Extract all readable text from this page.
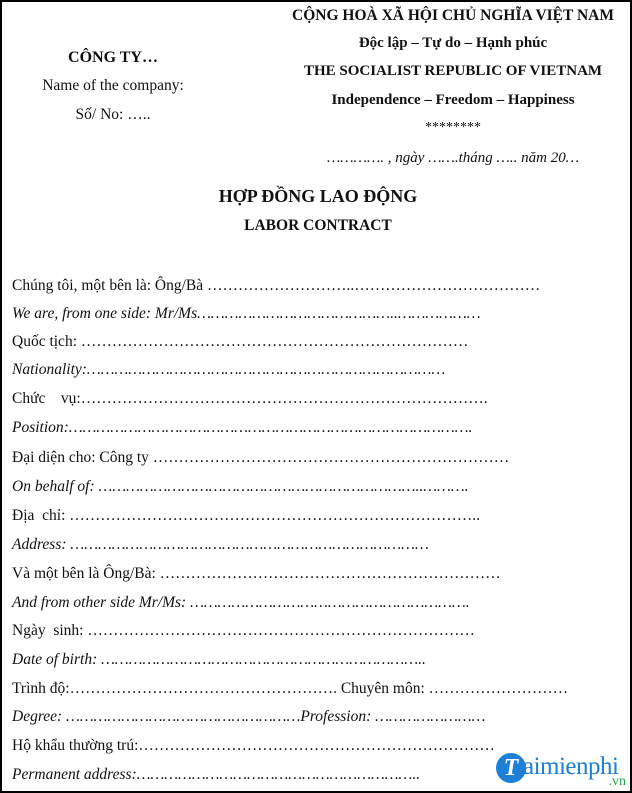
CÔNG TY…
Name of the company:
Số/ No: …..
CỘNG HOÀ XÃ HỘI CHỦ NGHĨA VIỆT NAM
Độc lập – Tự do – Hạnh phúc
THE SOCIALIST REPUBLIC OF VIETNAM
Independence – Freedom – Happiness
********
…………. , ngày …….tháng ….. năm 20…
HỢP ĐỒNG LAO ĐỘNG
LABOR CONTRACT
Chúng tôi, một bên là: Ông/Bà ………………………..………………………………
We are, from one side: Mr/Ms……………………………………..………………
Quốc tịch: …………………………………………………………………
Nationality:……………………………………………………………………
Chức    vụ:…………………………………………………………………….
Position:…………………………………………………………………………….
Đại diện cho: Công ty ……………………………………………………………
On behalf of: ……………………………………………………………..……….
Địa  chỉ: ……………………………………………………………………..
Address: ……………………………………………………………………
Và một bên là Ông/Bà: …………………………………………………………
And from other side Mr/Ms: …………………………………………………….
Ngày  sinh: …………………………………………………………………
Date of birth: ……………………………………………………………..
Trình độ:……………………………………………. Chuyên môn: ………………………
Degree: ……………………………………………Profession: ……………………
Hộ khẩu thường trú:……………………………………………………………
Permanent address:……………………………………………………..	T aimienphi
.vn
